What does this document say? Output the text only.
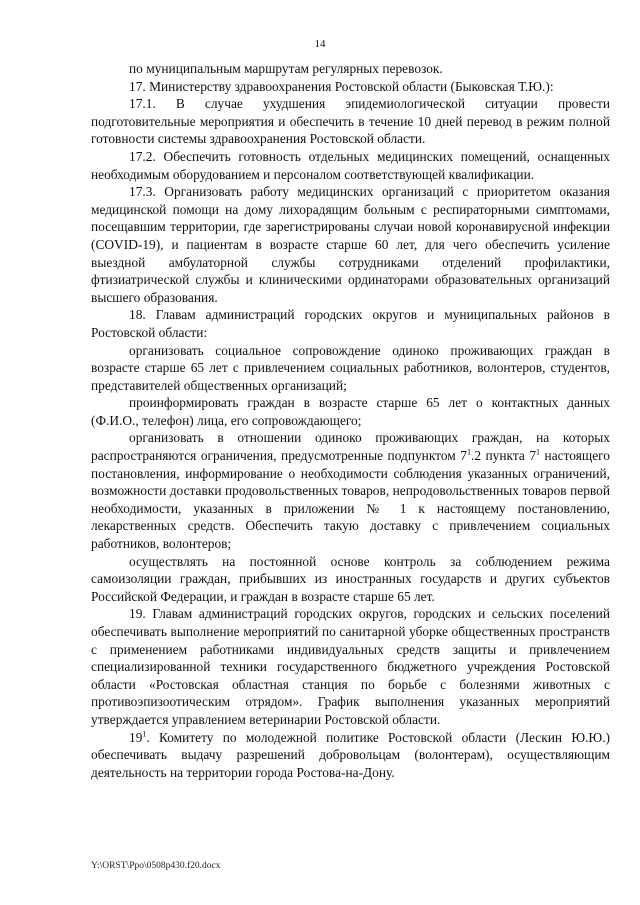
14

по муниципальным маршрутам регулярных перевозок.

17. Министерству здравоохранения Ростовской области (Быковская Т.Ю.):

17.1. В случае ухудшения эпидемиологической ситуации провести подготовительные мероприятия и обеспечить в течение 10 дней перевод в режим полной готовности системы здравоохранения Ростовской области.

17.2. Обеспечить готовность отдельных медицинских помещений, оснащенных необходимым оборудованием и персоналом соответствующей квалификации.

17.3. Организовать работу медицинских организаций с приоритетом оказания медицинской помощи на дому лихорадящим больным с респираторными симптомами, посещавшим территории, где зарегистрированы случаи новой коронавирусной инфекции (COVID-19), и пациентам в возрасте старше 60 лет, для чего обеспечить усиление выездной амбулаторной службы сотрудниками отделений профилактики, фтизиатрической службы и клиническими ординаторами образовательных организаций высшего образования.

18. Главам администраций городских округов и муниципальных районов в Ростовской области:

организовать социальное сопровождение одиноко проживающих граждан в возрасте старше 65 лет с привлечением социальных работников, волонтеров, студентов, представителей общественных организаций;

проинформировать граждан в возрасте старше 65 лет о контактных данных (Ф.И.О., телефон) лица, его сопровождающего;

организовать в отношении одиноко проживающих граждан, на которых распространяются ограничения, предусмотренные подпунктом $7^1.2$ пункта $7^1$ настоящего постановления, информирование о необходимости соблюдения указанных ограничений, возможности доставки продовольственных товаров, непродовольственных товаров первой необходимости, указанных в приложении № 1 к настоящему постановлению, лекарственных средств. Обеспечить такую доставку с привлечением социальных работников, волонтеров;

осуществлять на постоянной основе контроль за соблюдением режима самоизоляции граждан, прибывших из иностранных государств и других субъектов Российской Федерации, и граждан в возрасте старше 65 лет.

19. Главам администраций городских округов, городских и сельских поселений обеспечивать выполнение мероприятий по санитарной уборке общественных пространств с применением работниками индивидуальных средств защиты и привлечением специализированной техники государственного бюджетного учреждения Ростовской области «Ростовская областная станция по борьбе с болезнями животных с противоэпизоотическим отрядом». График выполнения указанных мероприятий утверждается управлением ветеринарии Ростовской области.

$19^1$. Комитету по молодежной политике Ростовской области (Лескин Ю.Ю.) обеспечивать выдачу разрешений добровольцам (волонтерам), осуществляющим деятельность на территории города Ростова-на-Дону.

Y:\ORST\Ppo\0508p430.f20.docx
